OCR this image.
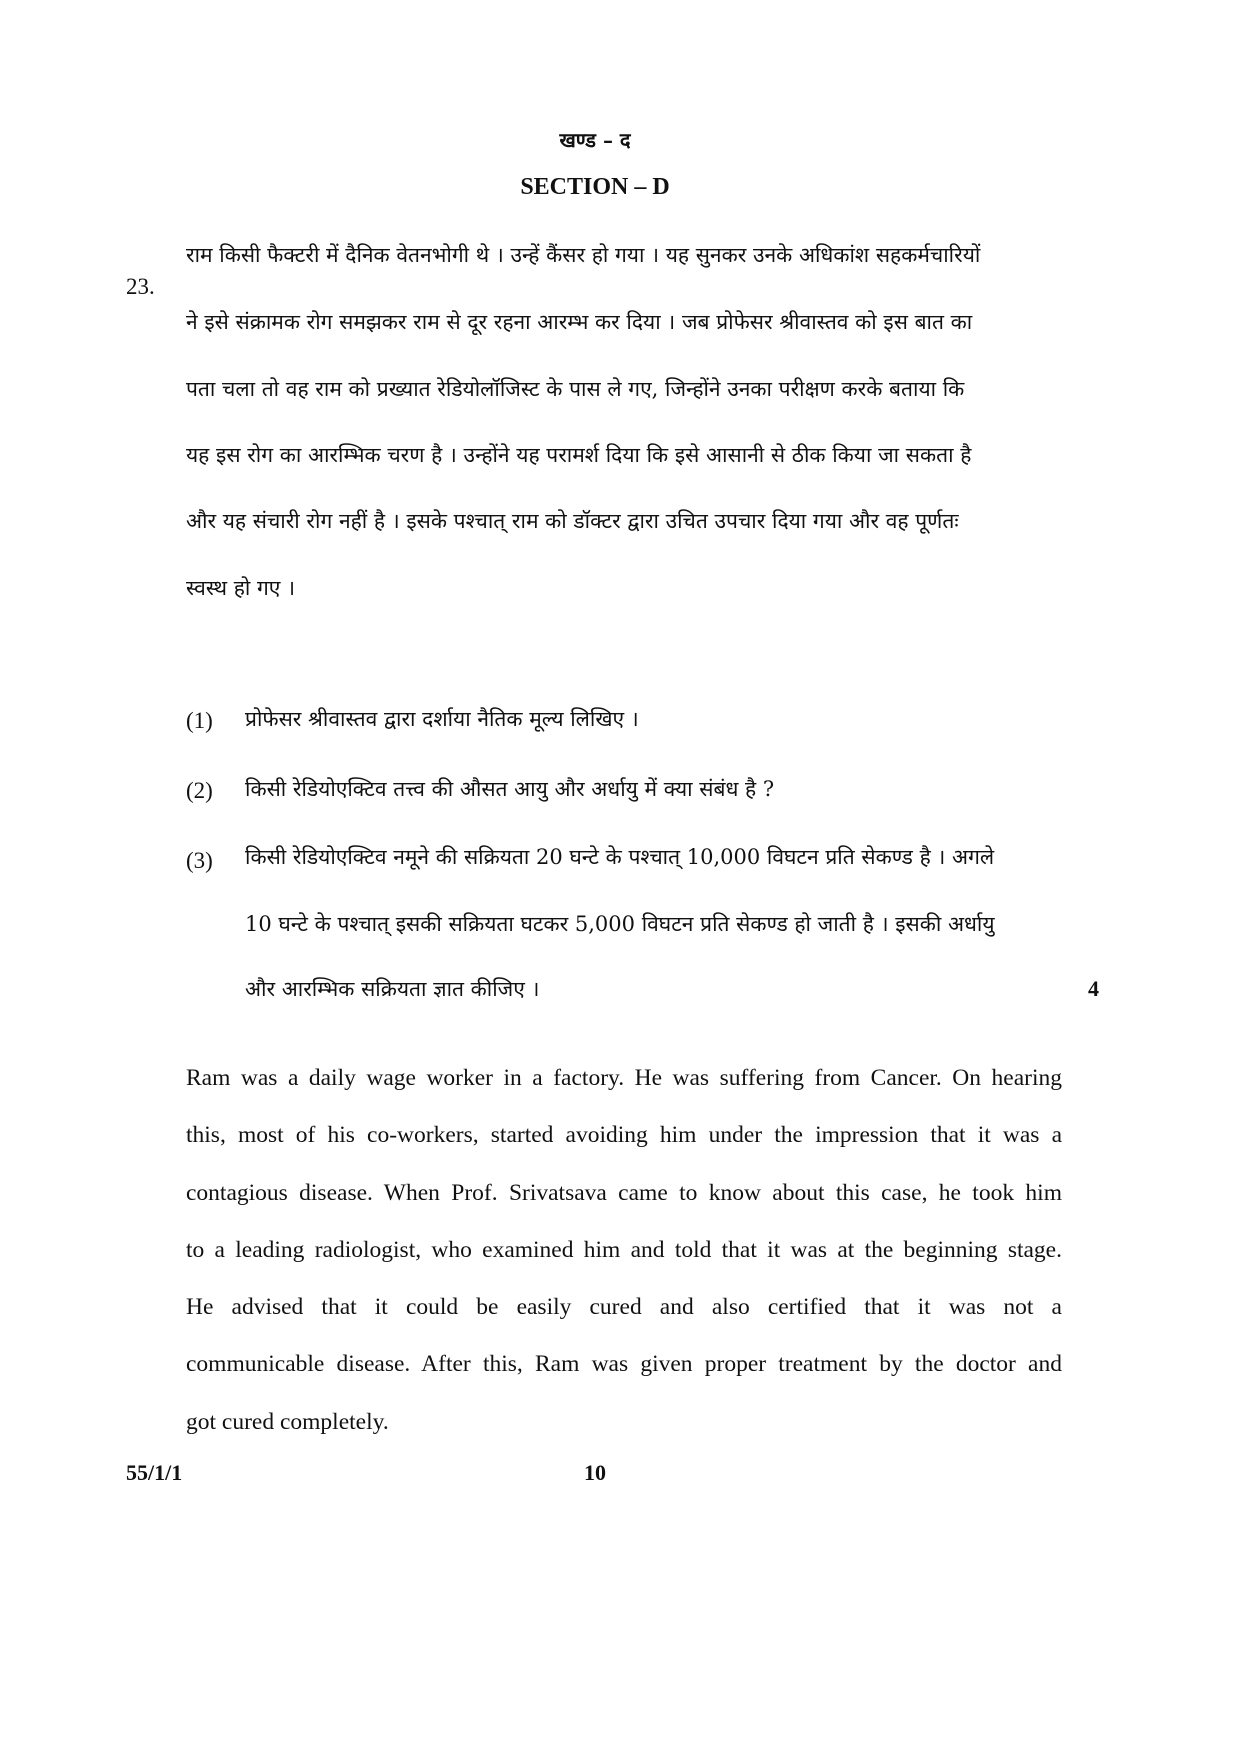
खण्ड – द
SECTION – D
23.
राम किसी फैक्टरी में दैनिक वेतनभोगी थे । उन्हें कैंसर हो गया । यह सुनकर उनके अधिकांश सहकर्मचारियों
ने इसे संक्रामक रोग समझकर राम से दूर रहना आरम्भ कर दिया । जब प्रोफेसर श्रीवास्तव को इस बात का
पता चला तो वह राम को प्रख्यात रेडियोलॉजिस्ट के पास ले गए, जिन्होंने उनका परीक्षण करके बताया कि
यह इस रोग का आरम्भिक चरण है । उन्होंने यह परामर्श दिया कि इसे आसानी से ठीक किया जा सकता है
और यह संचारी रोग नहीं है । इसके पश्चात् राम को डॉक्टर द्वारा उचित उपचार दिया गया और वह पूर्णतः
स्वस्थ हो गए ।
(1) प्रोफेसर श्रीवास्तव द्वारा दर्शाया नैतिक मूल्य लिखिए ।
(2) किसी रेडियोएक्टिव तत्त्व की औसत आयु और अर्धायु में क्या संबंध है ?
(3) किसी रेडियोएक्टिव नमूने की सक्रियता 20 घन्टे के पश्चात् 10,000 विघटन प्रति सेकण्ड है । अगले
10 घन्टे के पश्चात् इसकी सक्रियता घटकर 5,000 विघटन प्रति सेकण्ड हो जाती है । इसकी अर्धायु
और आरम्भिक सक्रियता ज्ञात कीजिए ।	4
Ram was a daily wage worker in a factory. He was suffering from Cancer. On hearing
this, most of his co-workers, started avoiding him under the impression that it was a
contagious disease. When Prof. Srivatsava came to know about this case, he took him
to a leading radiologist, who examined him and told that it was at the beginning stage.
He advised that it could be easily cured and also certified that it was not a
communicable disease. After this, Ram was given proper treatment by the doctor and
got cured completely.
55/1/1	10
